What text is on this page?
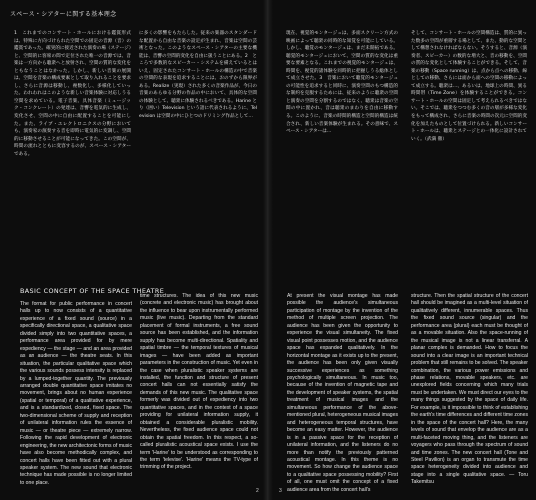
スペース・シアターに関する基本理念

1　これまでのコンサート・ホールにおける鑑賞形式は、特殊に方向づけられた空間での固定の音源（音）の鑑賞であった。確実的に接近された演奏の場（ステージ）と、空間的に客席の間で定位された唯一の音源では、音楽は一方向から聴衆へと放射され、空間の質的な変化をともなうことはなかった。しかし、新しい音楽の展開は、空間を音楽の構成要素として取り入れることを要求し、さらに音源は移動し、複数化し、多様化していった。われわれはこのような新しい音楽体験に対応しうる空間を求めている。電子音楽、具体音楽（ミュージック・コンクレート）の発達は、音響を電気的に生成し、変化させ、空間の中に自由に配置することを可能にした。また、ライブ・エレクトロニクスの分野においても、演奏家の演奏する音を即時に電気的に変調し、空間的に移動させることが可能になってきた。この空間が、時間の流れとともに変容するのが、スペース・シアターである。

に多くの影響をもたらした。従来の楽器のスタンダードな配置から自由な音楽の設定が生まれ、音楽は空間の芸術となった。このようなスペース・シアターの主要な機能は、音響の空間的変化を自由に扱うことにある。2　ところで多数的なスピーカー・システムを備えているとはいえ、固定されたコンサート・ホールの構造の中で音楽の空間的な表現を追求することには、おのずから限界がある。Realize（実現）された多くの音楽作品が、今日の音楽のあらゆる分野の作品の中において、具体的な空間の体験として、聴衆に体験されるべきである。Harine とり（囲い）Television という語に代表されるように、Television は空間の中にひとつのドリミング作品として…

BASIC CONCEPT OF THE SPACE THEATRE

The format for public performance in concert halls up to now consists of a quantitative experience of a fixed sound (source) in a specifically directional space, a qualitative space divided simply into two quantitative spaces, a performance area provided for by mere expediency — the stage — and an area provided as an audience — the theatre seats. In this situation, the particular qualitative space which the various sounds possess intensity is replaced by a lumped-together quantity. The previously arranged double quantitative space imitates no movement, brings about no human experience (spatial or temporal) of a qualitative experience, and is a standardized, closed, fixed space. The two-dimensional scheme of supply and reception of unilateral information rules the essence of music — or theatre piece — extremely narrow. Following the rapid development of electronic engineering, the new architectonic forms of music have also become methodically complex, and concert halls have been fitted out with a plural speaker system. The new sound that electronic technique has made possible is no longer limited to one place.

time structures. The idea of this new music (concrete and electronic music) has brought about the influence to bear upon instrumentally performed music (live music). Departing from the standard placement of formal instruments, a free sound source has been established, and the information supply has become multi-directional. Spatiality and spatial timbre — the temporal textures of musical images — have been added as important parameters in the construction of music. Yet even in the case when pluralistic speaker systems are installed, the function and structure of present concert halls can not essentially satisfy the demands of this new music. The qualitative space formerly was divided out of expediency into two quantitative spaces, and in the context of a space providing for unilateral information supply, it obtained a considerable pluralistic mobility. Nevertheless, the fixed audience space could not obtain the spatial freedom. In this respect, a so-called pluralistic acoustical space exists. I use the term 'Harine' to be understood as corresponding to the term 'televise'. 'Harine' means the TV-type of trimming of the project.

2	3

現在、視覚的モンタージュは、多面スクリーン方式の映画によって聴衆の同時的な知覚を可能にしている。しかし、聴覚のモンタージュは、まだ未開拓である。聴覚的モンタージュにおいて、空間の質的な変化は重要な要素となる。これまでの視覚的モンタージュは、時間を、視覚的諸体験を同時的に把握しうる総体として成立させた。3　音楽において聴覚的モンタージュの可能性を追求すると同時に、演奏空間のもつ構造的な制約を克服するためには、従来のように聴衆の空間と演奏の空間を分割するのではなく、聴衆は音楽の空間の中に置かれ、音は聴衆のまわりを自由に移動する。このように、音楽の時間的構造と空間的構造は統合され、新しい音楽体験が生まれる。その意味で、スペース・シアターは…

そして、コンサート・ホールの空間構造は、質的に異った数多の空間が重層する場として、また、動的な空間として構想されなければならない。そうすると、音源（演奏者、スピーカー）の数的な増大と、音の移動を、空間の質的な変化として体験することができる。そして、音楽の移動（Space running）は、点から点への移動、線としての移動、さらには面から面への空間の移動によって成立する。聴衆は…、あるいは、地球上の時間、異る時間帯（Time Zone）を体験することができる。コンサート・ホールの空間は固定して考えられるべきではない。そこでは、聴衆をつつむ多くの音の層が多様な変化をもって構成され、さらに音楽の時間の次元に空間的変化を加えたものとして位置づけられる。新しいコンサート・ホールは、聴衆とステージとの一体化に設計されていく。（武満 徹）

At present the visual montage has made possible the audience's simultaneous participation of montage by the invention of the method of multiple screen projection. The audience has been given the opportunity to experience the visual simultaneity. The fixed visual point possesses motion, and the audience space has expanded qualitatively. In the horizontal montage as it exists up to the present, the audience has been only given visually successive experiences as something psychologically simultaneous. In music too, because of the invention of magnetic tape and the development of speaker systems, the spatial treatment of musical images and the simultaneous performance of the above-mentioned plural, heterogeneous musical images and heterogeneous temporal structures, have become an easy matter. However, the audience is in a passive space for the reception of unilateral information, and the listeners do no more than notify the previously patterned acoustical montage. In this theme is no movement. So how change the audience space to a qualitative space possessing mobility? First of all, one must omit the concept of a fixed audience area from the concert hall's

structure. Then the spatial structure of the concert hall should be imagined as a multi-level situation of qualitatively different, innumerable spaces. Thus the fixed sound source (singular) and the performance area (plural) each must be thought of as a movable situation. Also the space-running of the musical image is not a linear transferral. A planar complex is demanded. How to focus the sound into a clear image is an important technical problem that still remains to be solved. The speaker combination, the various power emissions and phase relations, movable speakers, etc. are unexplored fields concerning which many trials must be undertaken. We must direct our eyes to the many things suggested by the space of daily life. For example, is it impossible to think of establishing the earth's time differences and different time zones in the space of the concert hall? Here, the many levels of sound that envelop the audience are as a multi-faceted moving thing, and the listeners are voyagers who pass through the spectrum of sound and time zones. The new concert hall (Tone and Steel Pavilion) is an organ to transmute the time space heterogeneity divided into audience and stage into a single qualitative space. — Toru Takemitsu
